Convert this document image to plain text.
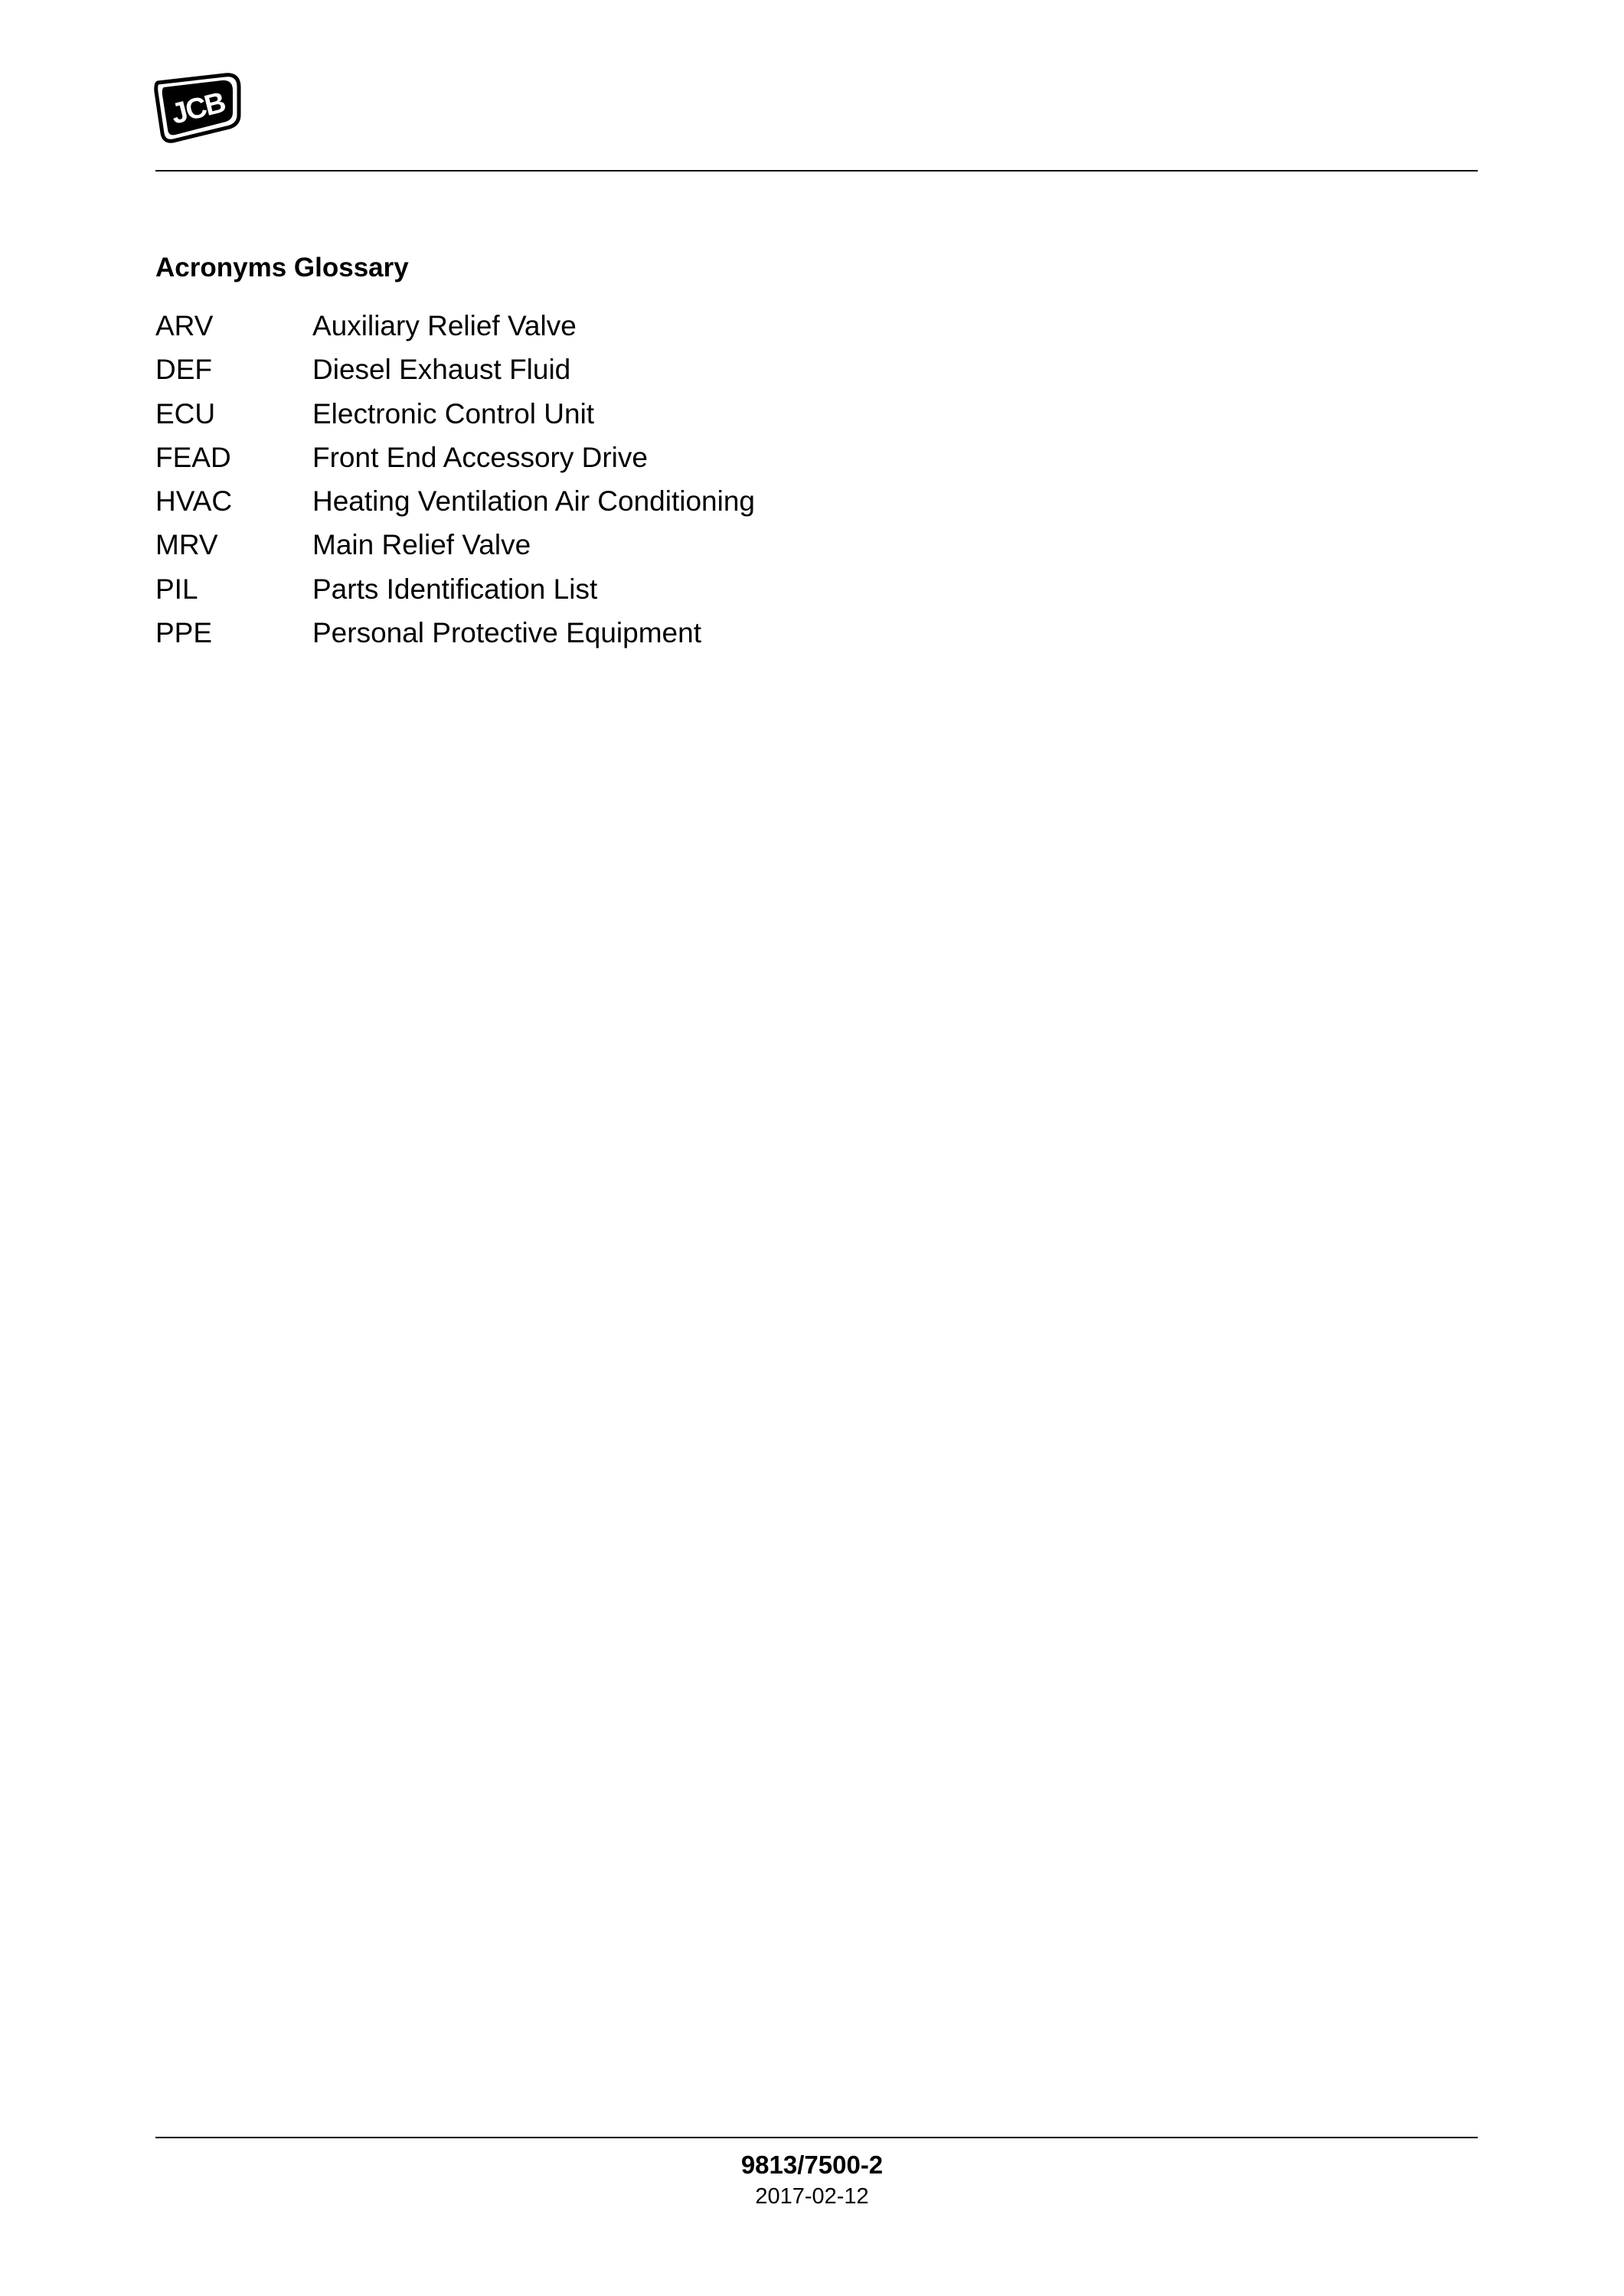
JCB
Acronyms Glossary
ARV	Auxiliary Relief Valve
DEF	Diesel Exhaust Fluid
ECU	Electronic Control Unit
FEAD	Front End Accessory Drive
HVAC	Heating Ventilation Air Conditioning
MRV	Main Relief Valve
PIL	Parts Identification List
PPE	Personal Protective Equipment
9813/7500-2
2017-02-12
